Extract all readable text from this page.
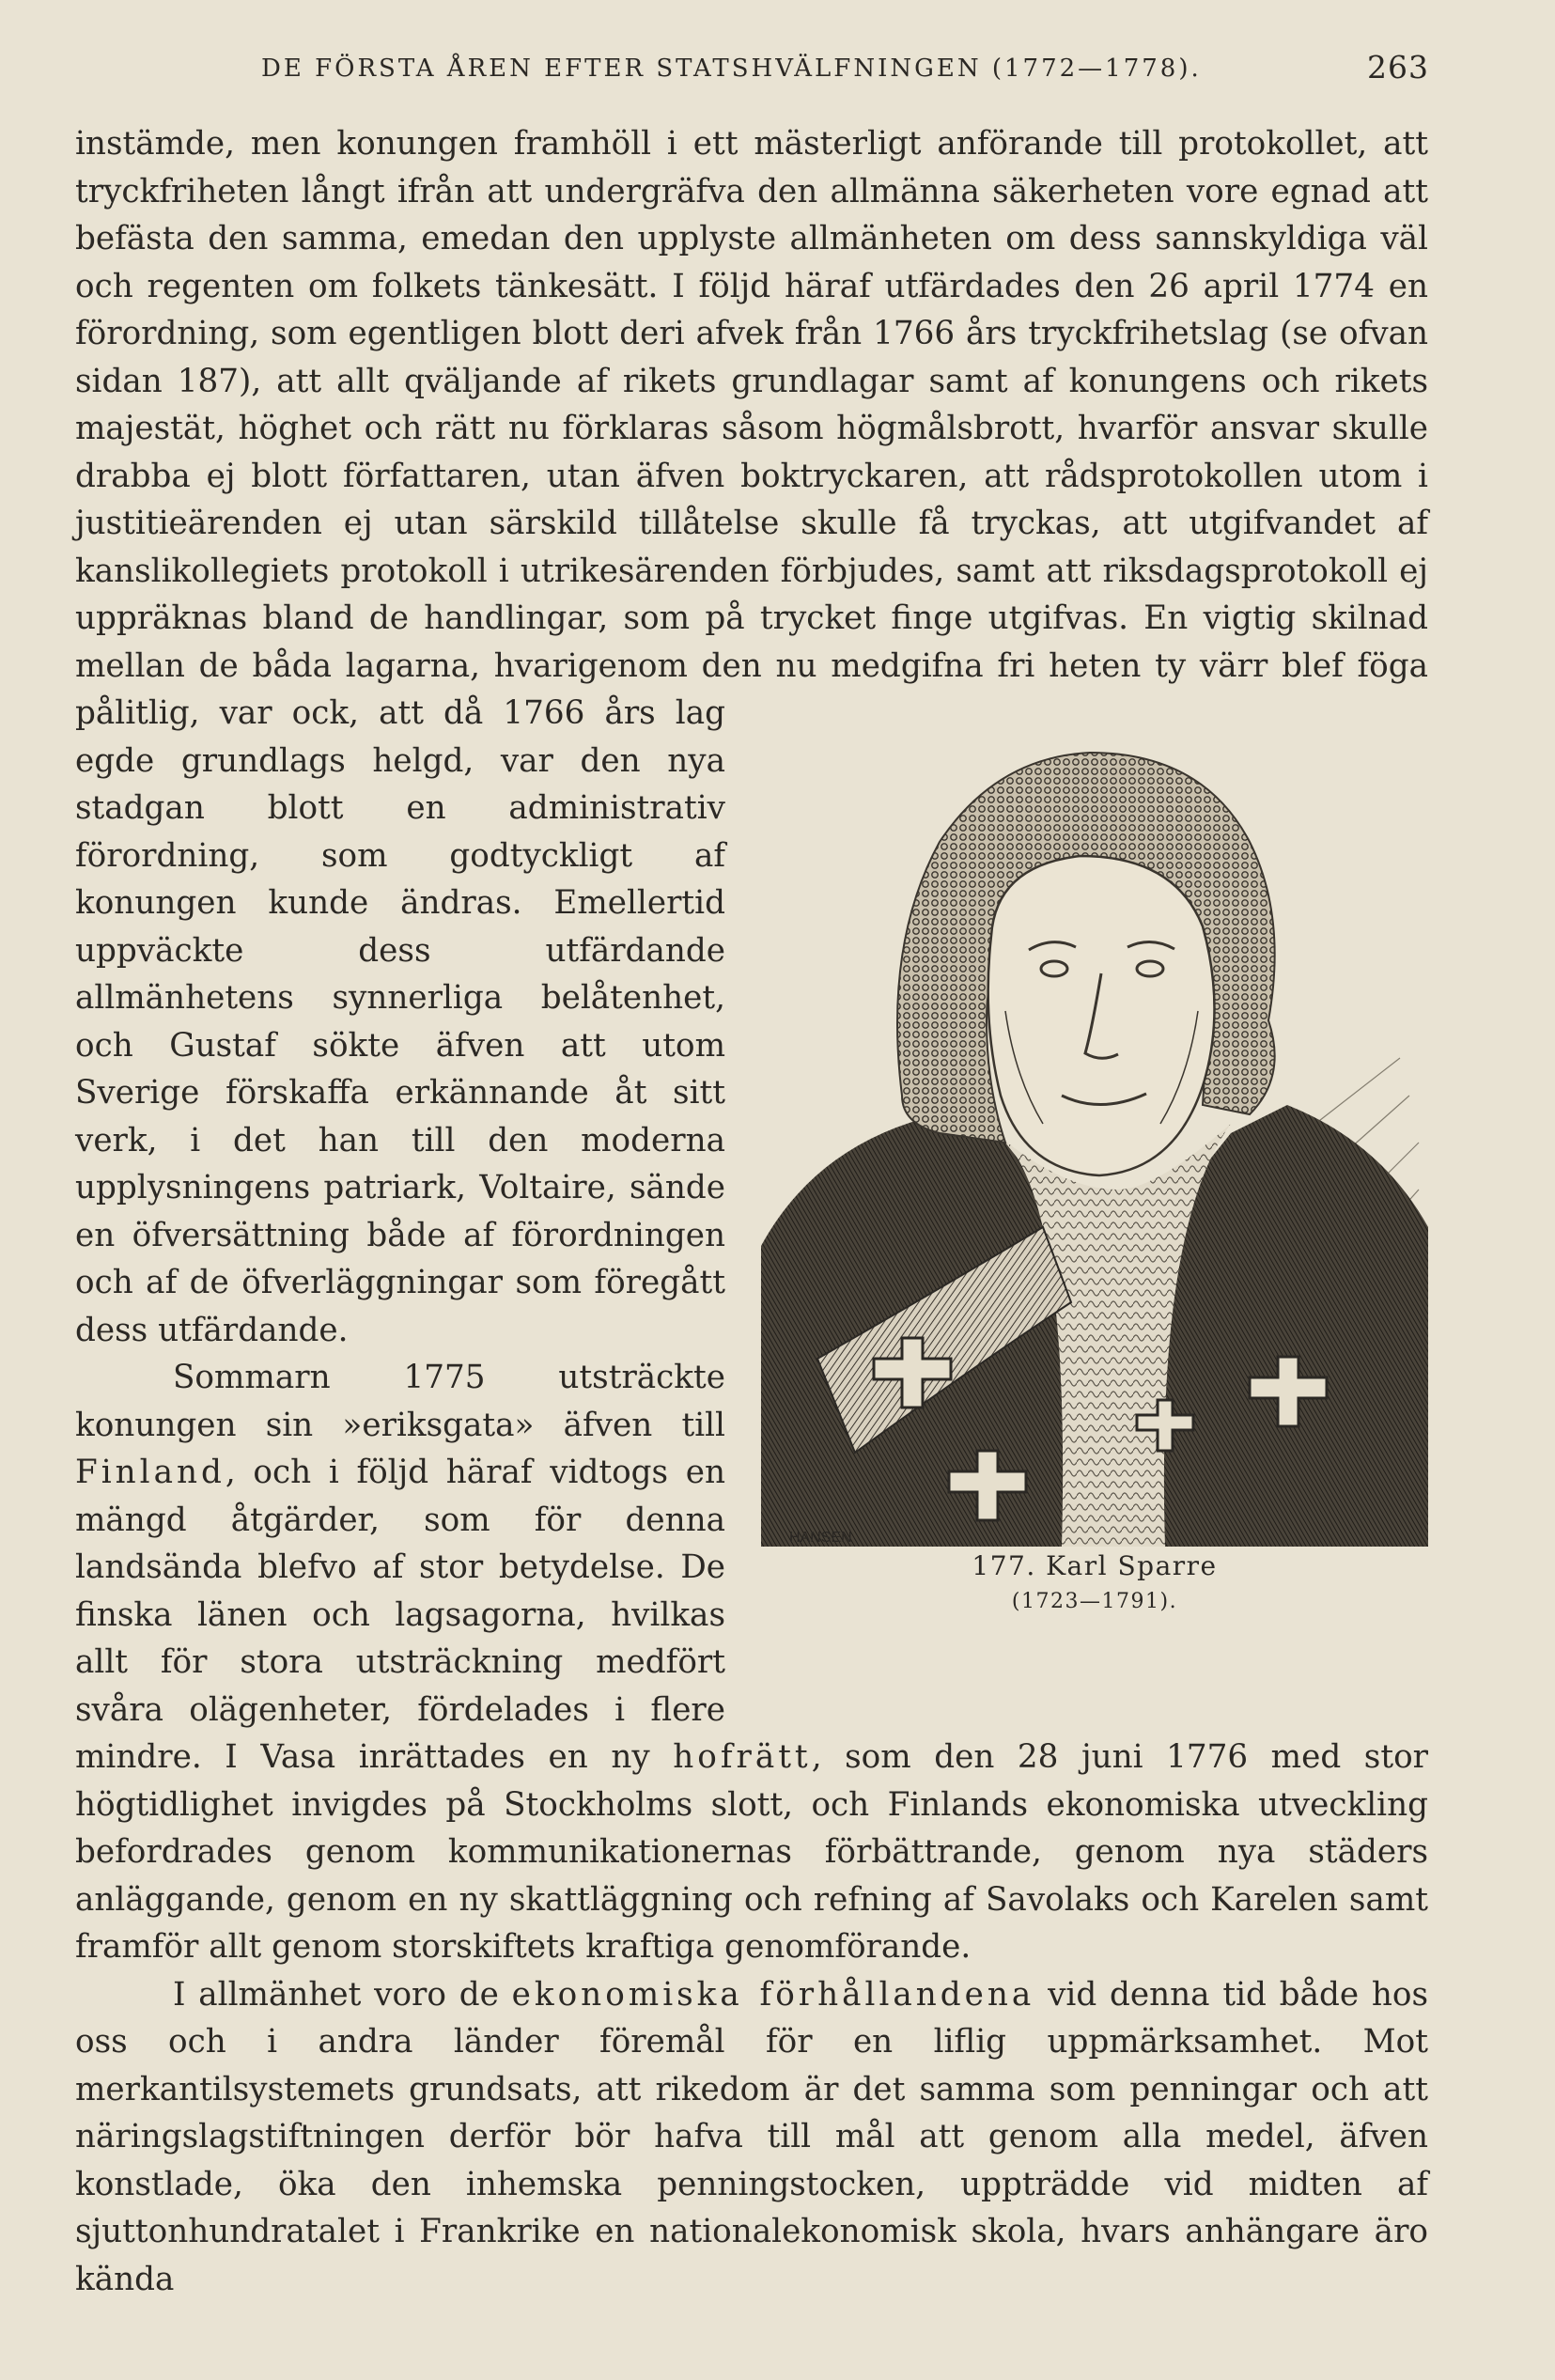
DE FÖRSTA ÅREN EFTER STATSHVÄLFNINGEN (1772—1778).	263

instämde, men konungen framhöll i ett mästerligt anförande till protokollet, att tryckfriheten långt ifrån att undergräfva den allmänna säkerheten vore egnad att befästa den samma, emedan den upplyste allmänheten om dess sannskyldiga väl och regenten om folkets tänkesätt. I följd häraf utfärdades den 26 april 1774 en förordning, som egentligen blott deri afvek från 1766 års tryckfrihetslag (se ofvan sidan 187), att allt qväljande af rikets grundlagar samt af konungens och rikets majestät, höghet och rätt nu förklaras såsom högmålsbrott, hvarför ansvar skulle drabba ej blott författaren, utan äfven boktryckaren, att rådsprotokollen utom i justitieärenden ej utan särskild tillåtelse skulle få tryckas, att utgifvandet af kanslikollegiets protokoll i utrikesärenden förbjudes, samt att riksdagsprotokoll ej uppräknas bland de handlingar, som på trycket finge utgifvas. En vigtig skilnad mellan de båda lagarna, hvarigenom den nu medgifna fri
HANSEN
177. Karl Sparre
(1723—1791).
heten ty värr blef föga pålitlig, var ock, att då 1766 års lag egde grundlags helgd, var den nya stadgan blott en administrativ förordning, som godtyckligt af konungen kunde ändras. Emellertid uppväckte dess utfärdande allmänhetens synnerliga belåtenhet, och Gustaf sökte äfven att utom Sverige förskaffa erkännande åt sitt verk, i det han till den moderna upplysningens patriark, Voltaire, sände en öfversättning både af förordningen och af de öfverläggningar som föregått dess utfärdande.

Sommarn 1775 utsträckte konungen sin »eriksgata» äfven till Finland, och i följd häraf vidtogs en mängd åtgärder, som för denna landsända blefvo af stor betydelse. De finska länen och lagsagorna, hvilkas allt för stora utsträckning medfört svåra olägenheter, fördelades i flere mindre. I Vasa inrättades en ny hofrätt, som den 28 juni 1776 med stor högtidlighet invigdes på Stockholms slott, och Finlands ekonomiska utveckling befordrades genom kommunikationernas förbättrande, genom nya städers anläggande, genom en ny skattläggning och refning af Savolaks och Karelen samt framför allt genom storskiftets kraftiga genomförande.

I allmänhet voro de ekonomiska förhållandena vid denna tid både hos oss och i andra länder föremål för en liflig uppmärksamhet. Mot merkantilsystemets grundsats, att rikedom är det samma som penningar och att näringslagstiftningen derför bör hafva till mål att genom alla medel, äfven konstlade, öka den inhemska penningstocken, uppträdde vid midten af sjuttonhundratalet i Frankrike en nationalekonomisk skola, hvars anhängare äro kända
